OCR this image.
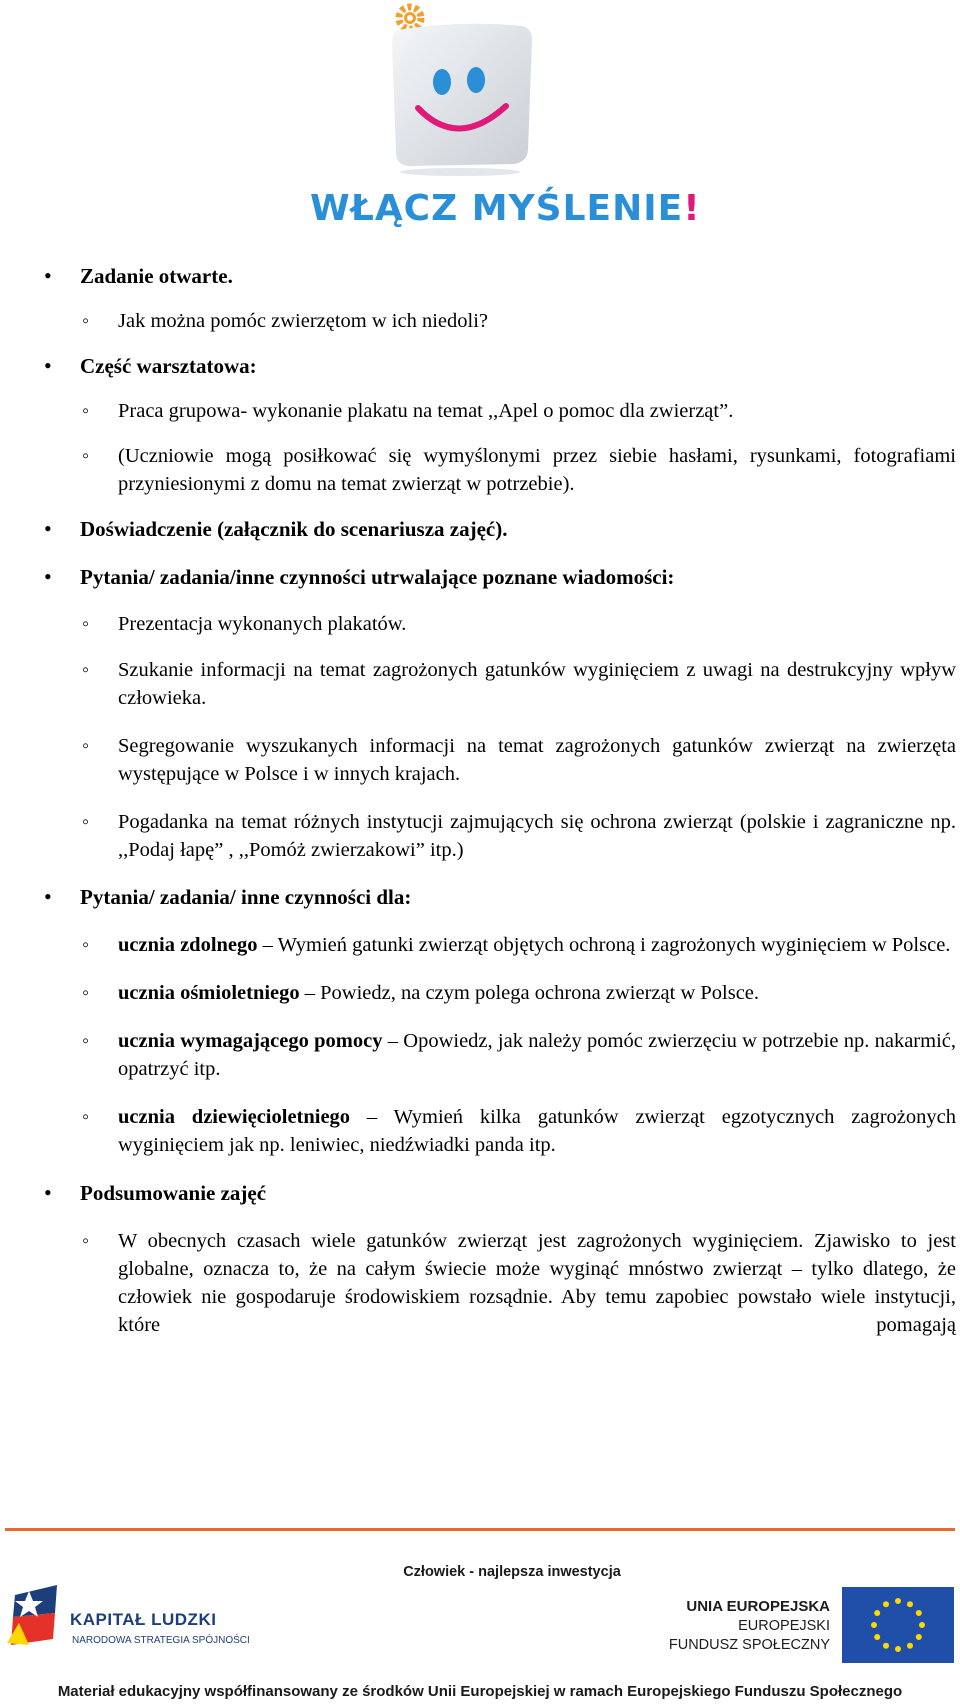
WŁĄCZ MYŚLENIE!
• Zadanie otwarte.
◦ Jak można pomóc zwierzętom w ich niedoli?
• Część warsztatowa:
◦ Praca grupowa- wykonanie plakatu na temat ,,Apel o pomoc dla zwierząt”.
◦ (Uczniowie mogą posiłkować się wymyślonymi przez siebie hasłami, rysunkami, fotografiami przyniesionymi z domu na temat zwierząt w potrzebie).
• Doświadczenie (załącznik do scenariusza zajęć).
• Pytania/ zadania/inne czynności utrwalające poznane wiadomości:
◦ Prezentacja wykonanych plakatów.
◦ Szukanie informacji na temat zagrożonych gatunków wyginięciem z uwagi na destrukcyjny wpływ człowieka.
◦ Segregowanie wyszukanych informacji na temat zagrożonych gatunków zwierząt na zwierzęta występujące w Polsce i w innych krajach.
◦ Pogadanka na temat różnych instytucji zajmujących się ochrona zwierząt (polskie i zagraniczne np. ,,Podaj łapę” , ,,Pomóż zwierzakowi” itp.)
• Pytania/ zadania/ inne czynności dla:
◦ ucznia zdolnego – Wymień gatunki zwierząt objętych ochroną i zagrożonych wyginięciem w Polsce.
◦ ucznia ośmioletniego – Powiedz, na czym polega ochrona zwierząt w Polsce.
◦ ucznia wymagającego pomocy – Opowiedz, jak należy pomóc zwierzęciu w potrzebie np. nakarmić, opatrzyć itp.
◦ ucznia dziewięcioletniego – Wymień kilka gatunków zwierząt egzotycznych zagrożonych wyginięciem jak np. leniwiec, niedźwiadki panda itp.
• Podsumowanie zajęć
◦ W obecnych czasach wiele gatunków zwierząt jest zagrożonych wyginięciem. Zjawisko to jest globalne, oznacza to, że na całym świecie może wyginąć mnóstwo zwierząt – tylko dlatego, że człowiek nie gospodaruje środowiskiem rozsądnie. Aby temu zapobiec powstało wiele instytucji, które pomagają
Człowiek - najlepsza inwestycja
KAPITAŁ LUDZKI
NARODOWA STRATEGIA SPÓJNOŚCI
UNIA EUROPEJSKA
EUROPEJSKI
FUNDUSZ SPOŁECZNY
Materiał edukacyjny współfinansowany ze środków Unii Europejskiej w ramach Europejskiego Funduszu Społecznego
